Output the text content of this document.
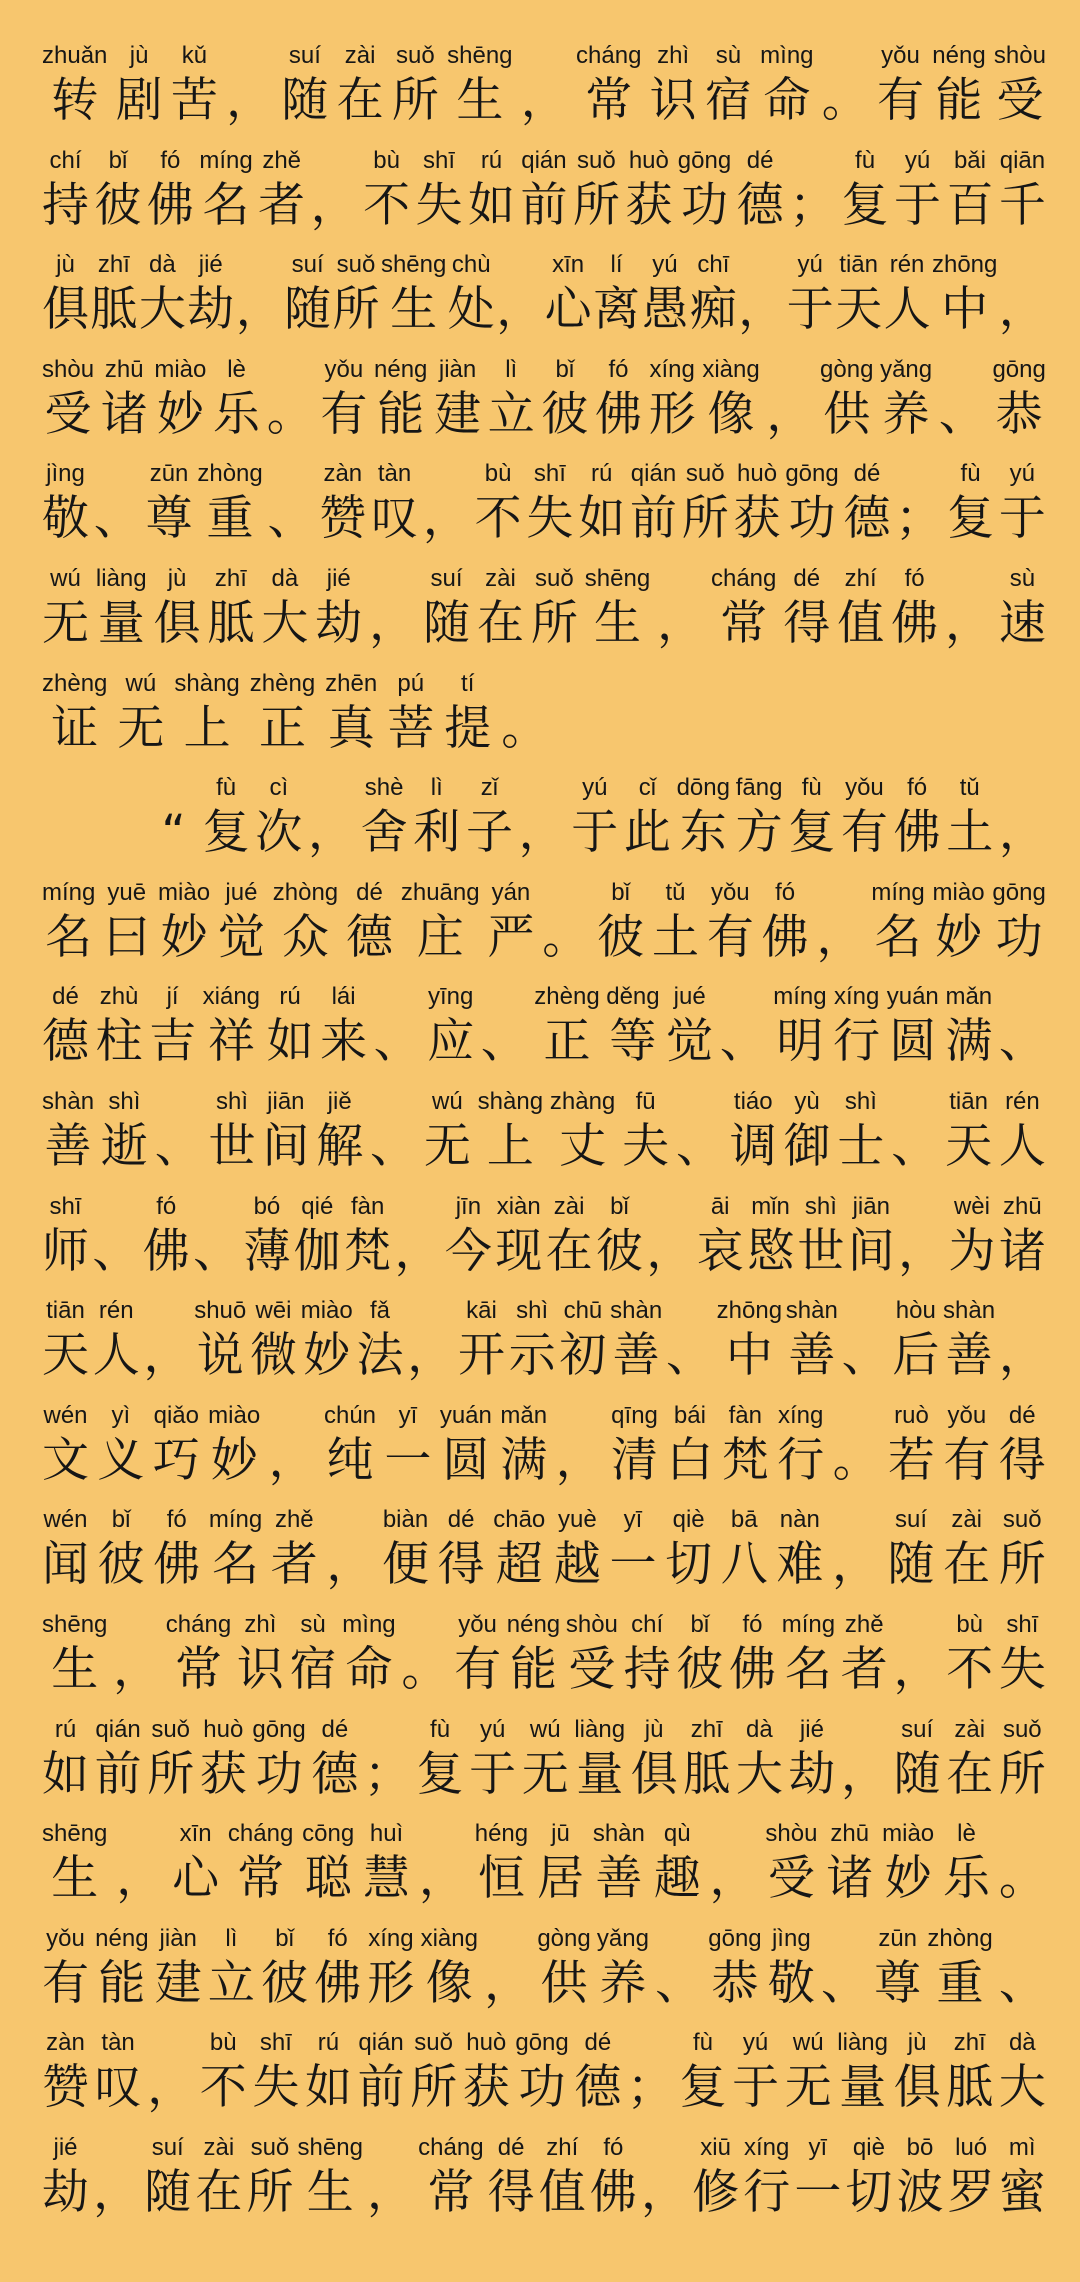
zhuǎn
转
jù
剧
kǔ
苦 ，
suí
随
zài
在
suǒ
所
shēng
生 ，
cháng
常
zhì
识
sù
宿
mìng
命 。
yǒu
有
néng
能
shòu
受
chí
持
bǐ
彼
fó
佛
míng
名
zhě
者 ，
bù
不
shī
失
rú
如
qián
前
suǒ
所
huò
获
gōng
功
dé
德 ；
fù
复
yú
于
bǎi
百
qiān
千
jù
俱
zhī
胝
dà
大
jié
劫 ，
suí
随
suǒ
所
shēng
生
chù
处 ，
xīn
心
lí
离
yú
愚
chī
痴 ，
yú
于
tiān
天
rén
人
zhōng
中 ，
shòu
受
zhū
诸
miào
妙
lè
乐 。
yǒu
有
néng
能
jiàn
建
lì
立
bǐ
彼
fó
佛
xíng
形
xiàng
像 ，
gòng
供
yǎng
养 、
gōng
恭
jìng
敬 、
zūn
尊
zhòng
重 、
zàn
赞
tàn
叹 ，
bù
不
shī
失
rú
如
qián
前
suǒ
所
huò
获
gōng
功
dé
德 ；
fù
复
yú
于
wú
无
liàng
量
jù
俱
zhī
胝
dà
大
jié
劫 ，
suí
随
zài
在
suǒ
所
shēng
生 ，
cháng
常
dé
得
zhí
值
fó
佛 ，
sù
速
zhèng
证
wú
无
shàng
上
zhèng
正
zhēn
真
pú
菩
tí
提 。
“
fù
复
cì
次 ，
shè
舍
lì
利
zǐ
子 ，
yú
于
cǐ
此
dōng
东
fāng
方
fù
复
yǒu
有
fó
佛
tǔ
土 ，
míng
名
yuē
曰
miào
妙
jué
觉
zhòng
众
dé
德
zhuāng
庄
yán
严 。
bǐ
彼
tǔ
土
yǒu
有
fó
佛 ，
míng
名
miào
妙
gōng
功
dé
德
zhù
柱
jí
吉
xiáng
祥
rú
如
lái
来 、
yīng
应 、
zhèng
正
děng
等
jué
觉 、
míng
明
xíng
行
yuán
圆
mǎn
满 、
shàn
善
shì
逝 、
shì
世
jiān
间
jiě
解 、
wú
无
shàng
上
zhàng
丈
fū
夫 、
tiáo
调
yù
御
shì
士 、
tiān
天
rén
人
shī
师 、
fó
佛 、
bó
薄
qié
伽
fàn
梵 ，
jīn
今
xiàn
现
zài
在
bǐ
彼 ，
āi
哀
mǐn
愍
shì
世
jiān
间 ，
wèi
为
zhū
诸
tiān
天
rén
人 ，
shuō
说
wēi
微
miào
妙
fǎ
法 ，
kāi
开
shì
示
chū
初
shàn
善 、
zhōng
中
shàn
善 、
hòu
后
shàn
善 ，
wén
文
yì
义
qiǎo
巧
miào
妙 ，
chún
纯
yī
一
yuán
圆
mǎn
满 ，
qīng
清
bái
白
fàn
梵
xíng
行 。
ruò
若
yǒu
有
dé
得
wén
闻
bǐ
彼
fó
佛
míng
名
zhě
者 ，
biàn
便
dé
得
chāo
超
yuè
越
yī
一
qiè
切
bā
八
nàn
难 ，
suí
随
zài
在
suǒ
所
shēng
生 ，
cháng
常
zhì
识
sù
宿
mìng
命 。
yǒu
有
néng
能
shòu
受
chí
持
bǐ
彼
fó
佛
míng
名
zhě
者 ，
bù
不
shī
失
rú
如
qián
前
suǒ
所
huò
获
gōng
功
dé
德 ；
fù
复
yú
于
wú
无
liàng
量
jù
俱
zhī
胝
dà
大
jié
劫 ，
suí
随
zài
在
suǒ
所
shēng
生 ，
xīn
心
cháng
常
cōng
聪
huì
慧 ，
héng
恒
jū
居
shàn
善
qù
趣 ，
shòu
受
zhū
诸
miào
妙
lè
乐 。
yǒu
有
néng
能
jiàn
建
lì
立
bǐ
彼
fó
佛
xíng
形
xiàng
像 ，
gòng
供
yǎng
养 、
gōng
恭
jìng
敬 、
zūn
尊
zhòng
重 、
zàn
赞
tàn
叹 ，
bù
不
shī
失
rú
如
qián
前
suǒ
所
huò
获
gōng
功
dé
德 ；
fù
复
yú
于
wú
无
liàng
量
jù
俱
zhī
胝
dà
大
jié
劫 ，
suí
随
zài
在
suǒ
所
shēng
生 ，
cháng
常
dé
得
zhí
值
fó
佛 ，
xiū
修
xíng
行
yī
一
qiè
切
bō
波
luó
罗
mì
蜜
